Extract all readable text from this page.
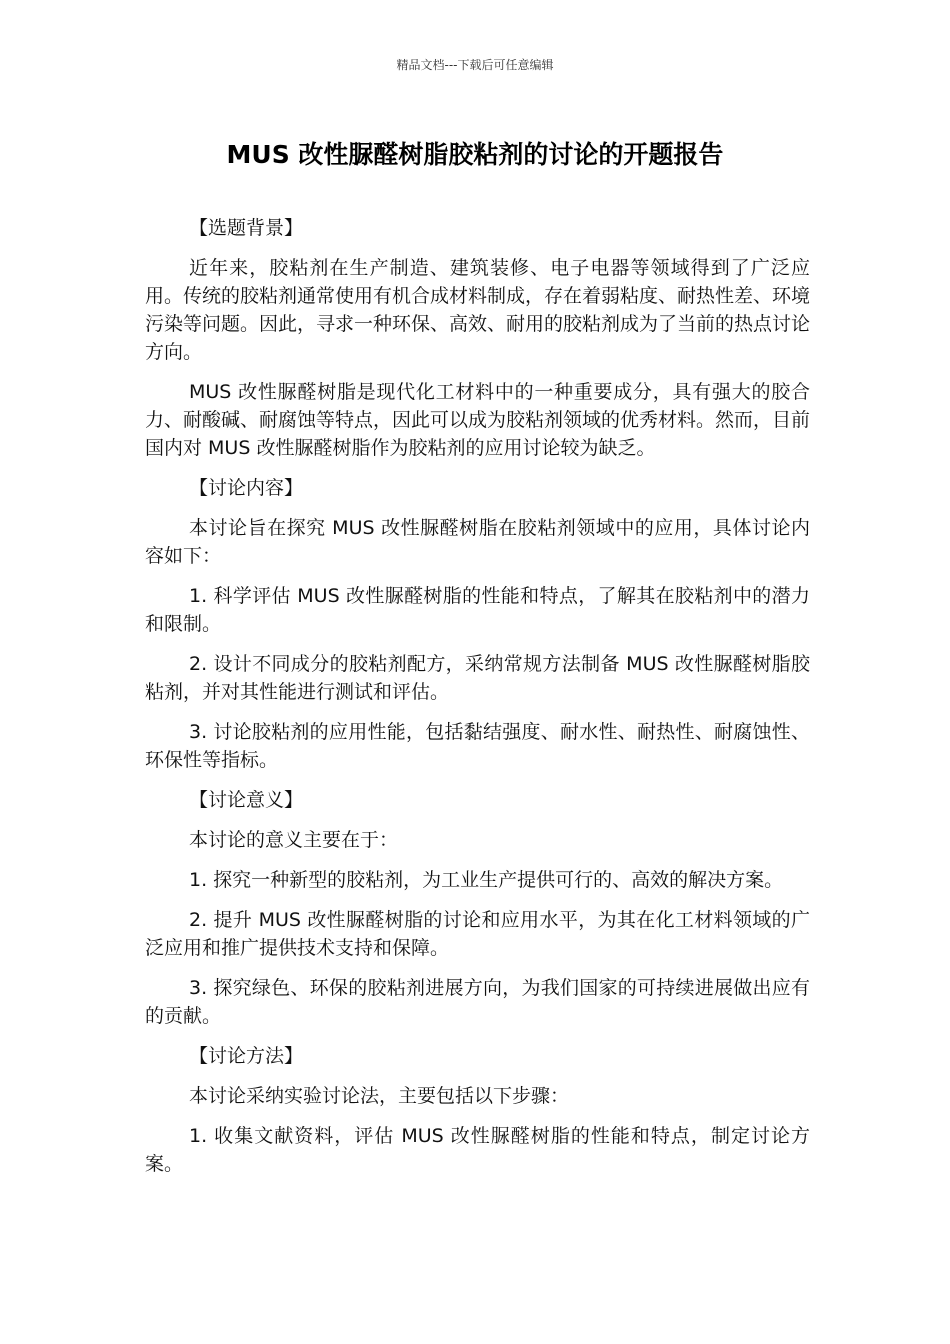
精品文档---下载后可任意编辑
MUS 改性脲醛树脂胶粘剂的讨论的开题报告

【选题背景】

近年来，胶粘剂在生产制造、建筑装修、电子电器等领域得到了广泛应用。传统的胶粘剂通常使用有机合成材料制成，存在着弱粘度、耐热性差、环境污染等问题。因此，寻求一种环保、高效、耐用的胶粘剂成为了当前的热点讨论方向。

MUS 改性脲醛树脂是现代化工材料中的一种重要成分，具有强大的胶合力、耐酸碱、耐腐蚀等特点，因此可以成为胶粘剂领域的优秀材料。然而，目前国内对 MUS 改性脲醛树脂作为胶粘剂的应用讨论较为缺乏。

【讨论内容】

本讨论旨在探究 MUS 改性脲醛树脂在胶粘剂领域中的应用，具体讨论内容如下：

1. 科学评估 MUS 改性脲醛树脂的性能和特点，了解其在胶粘剂中的潜力和限制。

2. 设计不同成分的胶粘剂配方，采纳常规方法制备 MUS 改性脲醛树脂胶粘剂，并对其性能进行测试和评估。

3. 讨论胶粘剂的应用性能，包括黏结强度、耐水性、耐热性、耐腐蚀性、环保性等指标。

【讨论意义】

本讨论的意义主要在于：

1. 探究一种新型的胶粘剂，为工业生产提供可行的、高效的解决方案。

2. 提升 MUS 改性脲醛树脂的讨论和应用水平，为其在化工材料领域的广泛应用和推广提供技术支持和保障。

3. 探究绿色、环保的胶粘剂进展方向，为我们国家的可持续进展做出应有的贡献。

【讨论方法】

本讨论采纳实验讨论法，主要包括以下步骤：

1. 收集文献资料，评估 MUS 改性脲醛树脂的性能和特点，制定讨论方案。
